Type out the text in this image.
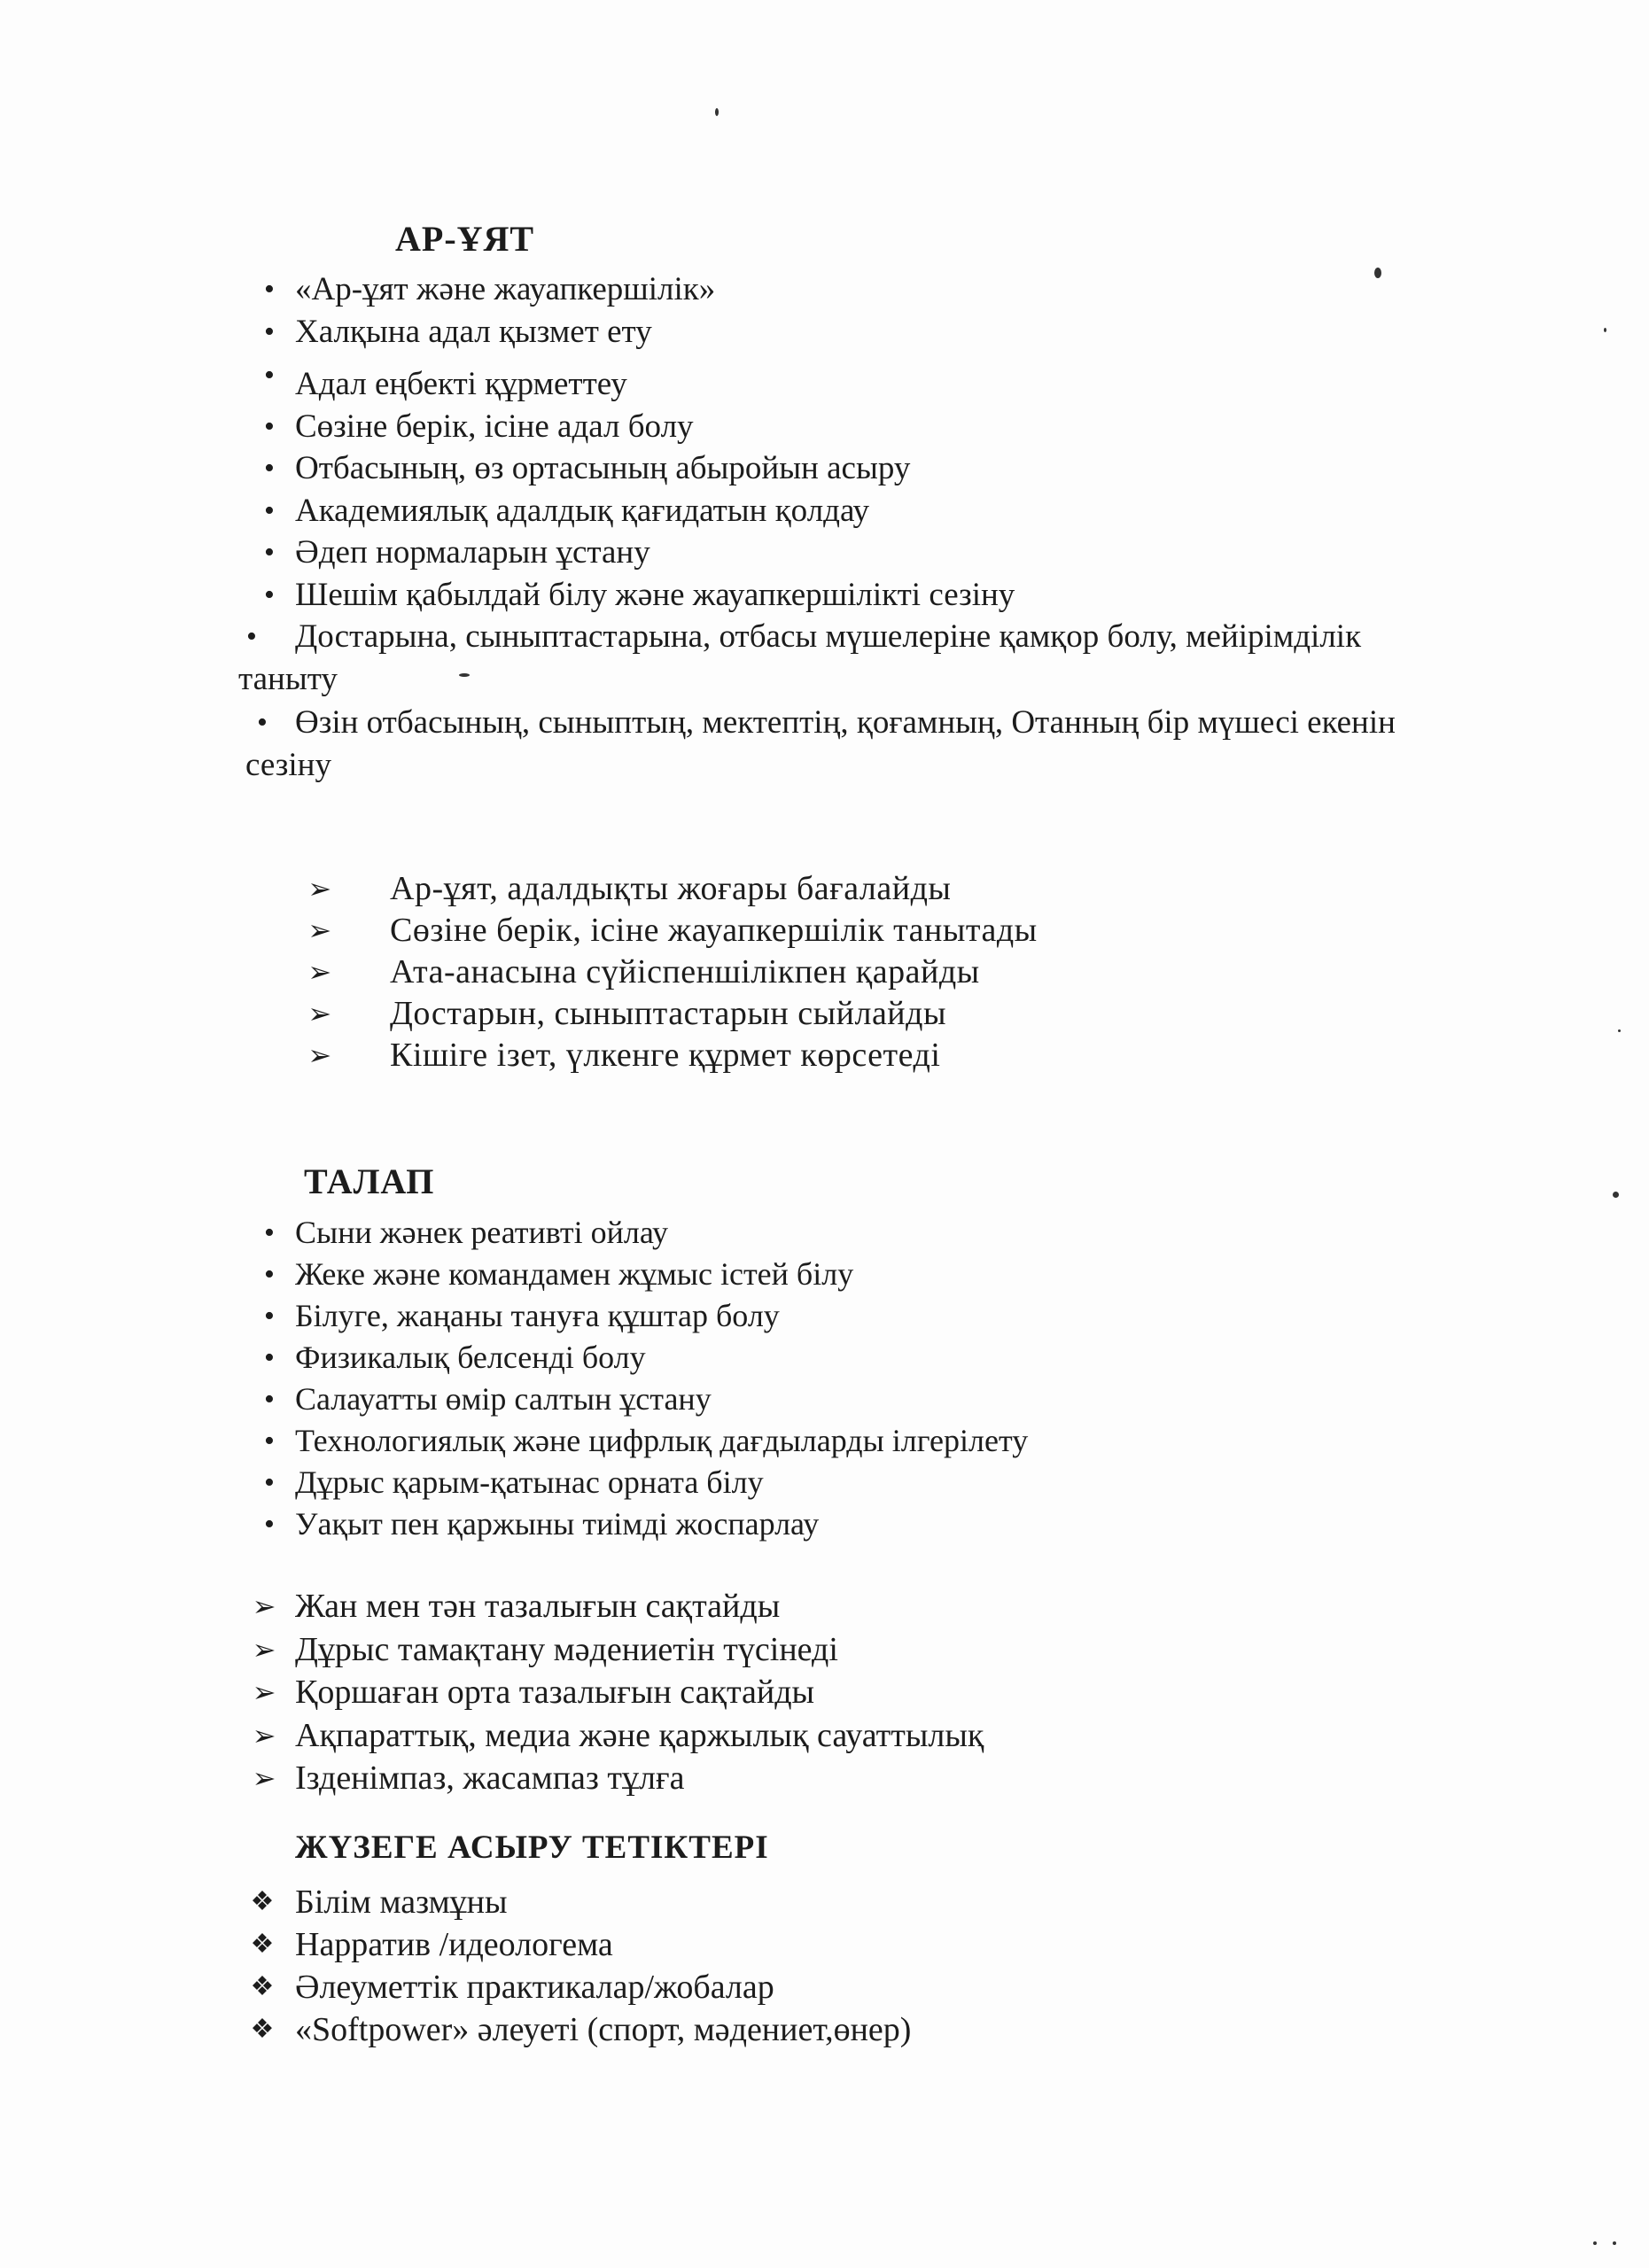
АР-ҰЯТ
• «Ар-ұят және жауапкершілік»
• Халқына адал қызмет ету
• Адал еңбекті құрметтеу
• Сөзіне берік, ісіне адал болу
• Отбасының, өз ортасының абыройын асыру
• Академиялық адалдық қағидатын қолдау
• Әдеп нормаларын ұстану
• Шешім қабылдай білу және жауапкершілікті сезіну
• Достарына, сыныптастарына, отбасы мүшелеріне қамқор болу, мейірімділік
таныту
• Өзін отбасының, сыныптың, мектептің, қоғамның, Отанның бір мүшесі екенін
сезіну
➢ Ар-ұят, адалдықты жоғары бағалайды
➢ Сөзіне берік, ісіне жауапкершілік танытады
➢ Ата-анасына сүйіспеншілікпен қарайды
➢ Достарын, сыныптастарын сыйлайды
➢ Кішіге ізет, үлкенге құрмет көрсетеді
ТАЛАП
• Сыни жәнек реативті ойлау
• Жеке және командамен жұмыс істей білу
• Білуге, жаңаны тануға құштар болу
• Физикалық белсенді болу
• Салауатты өмір салтын ұстану
• Технологиялық және цифрлық дағдыларды ілгерілету
• Дұрыс қарым-қатынас орната білу
• Уақыт пен қаржыны тиімді жоспарлау
➢ Жан мен тән тазалығын сақтайды
➢ Дұрыс тамақтану мәдениетін түсінеді
➢ Қоршаған орта тазалығын сақтайды
➢ Ақпараттық, медиа және қаржылық сауаттылық
➢ Ізденімпаз, жасампаз тұлға
ЖҮЗЕГЕ АСЫРУ ТЕТІКТЕРІ
❖ Білім мазмұны
❖ Нарратив /идеологема
❖ Әлеуметтік практикалар/жобалар
❖ «Softpower» әлеуеті (спорт, мәдениет,өнер)
